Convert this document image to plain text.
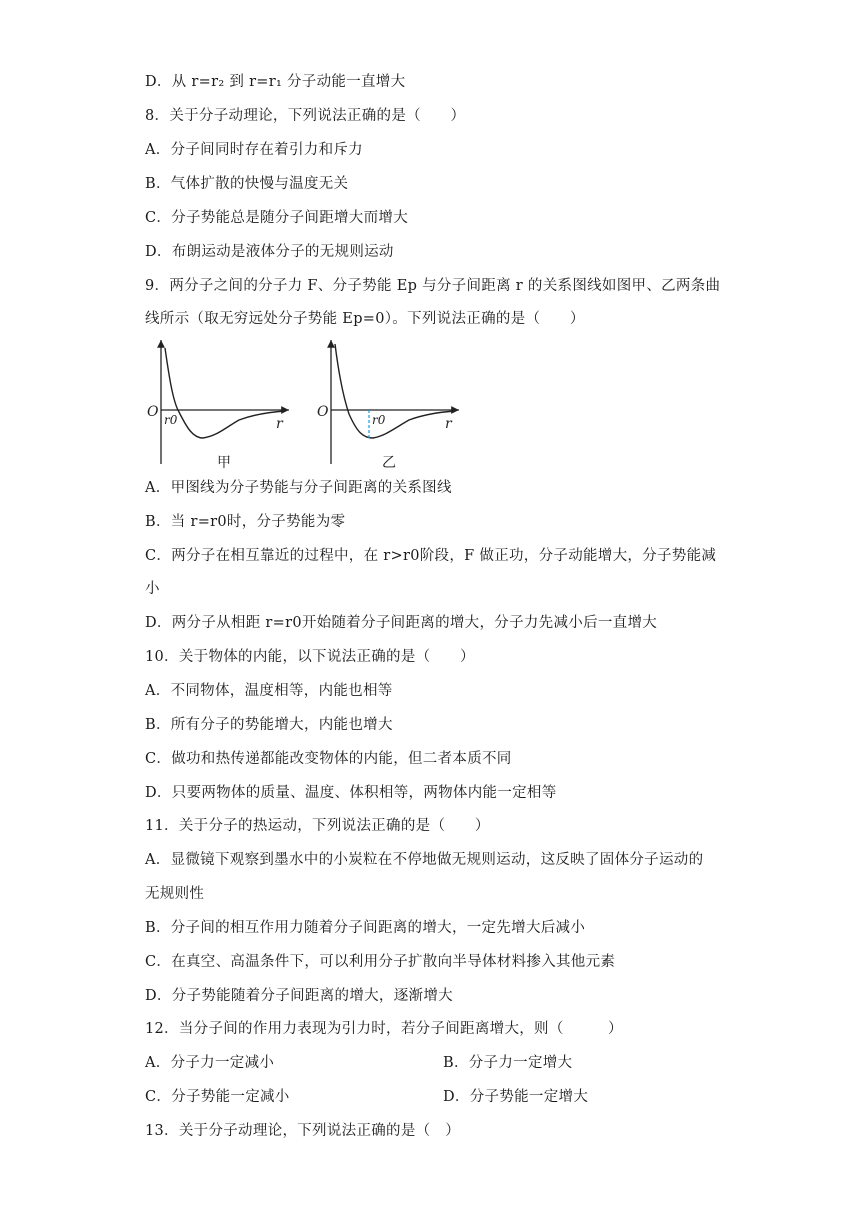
D．从 r=r₂ 到 r=r₁ 分子动能一直增大
8．关于分子动理论，下列说法正确的是（　　）
A．分子间同时存在着引力和斥力
B．气体扩散的快慢与温度无关
C．分子势能总是随分子间距增大而增大
D．布朗运动是液体分子的无规则运动
9．两分子之间的分子力 F、分子势能 Ep 与分子间距离 r 的关系图线如图甲、乙两条曲
线所示（取无穷远处分子势能 Ep=0）。下列说法正确的是（　　）
O r0	r
O	r0	r
甲	乙
A．甲图线为分子势能与分子间距离的关系图线
B．当 r=r0时，分子势能为零
C．两分子在相互靠近的过程中，在 r>r0阶段，F 做正功，分子动能增大，分子势能减
小
D．两分子从相距 r=r0开始随着分子间距离的增大，分子力先减小后一直增大
10．关于物体的内能，以下说法正确的是（　　）
A．不同物体，温度相等，内能也相等
B．所有分子的势能增大，内能也增大
C．做功和热传递都能改变物体的内能，但二者本质不同
D．只要两物体的质量、温度、体积相等，两物体内能一定相等
11．关于分子的热运动，下列说法正确的是（　　）
A．显微镜下观察到墨水中的小炭粒在不停地做无规则运动，这反映了固体分子运动的
无规则性
B．分子间的相互作用力随着分子间距离的增大，一定先增大后减小
C．在真空、高温条件下，可以利用分子扩散向半导体材料掺入其他元素
D．分子势能随着分子间距离的增大，逐渐增大
12．当分子间的作用力表现为引力时，若分子间距离增大，则（　　　）
A．分子力一定减小	B．分子力一定增大
C．分子势能一定减小	D．分子势能一定增大
13．关于分子动理论，下列说法正确的是（　）
